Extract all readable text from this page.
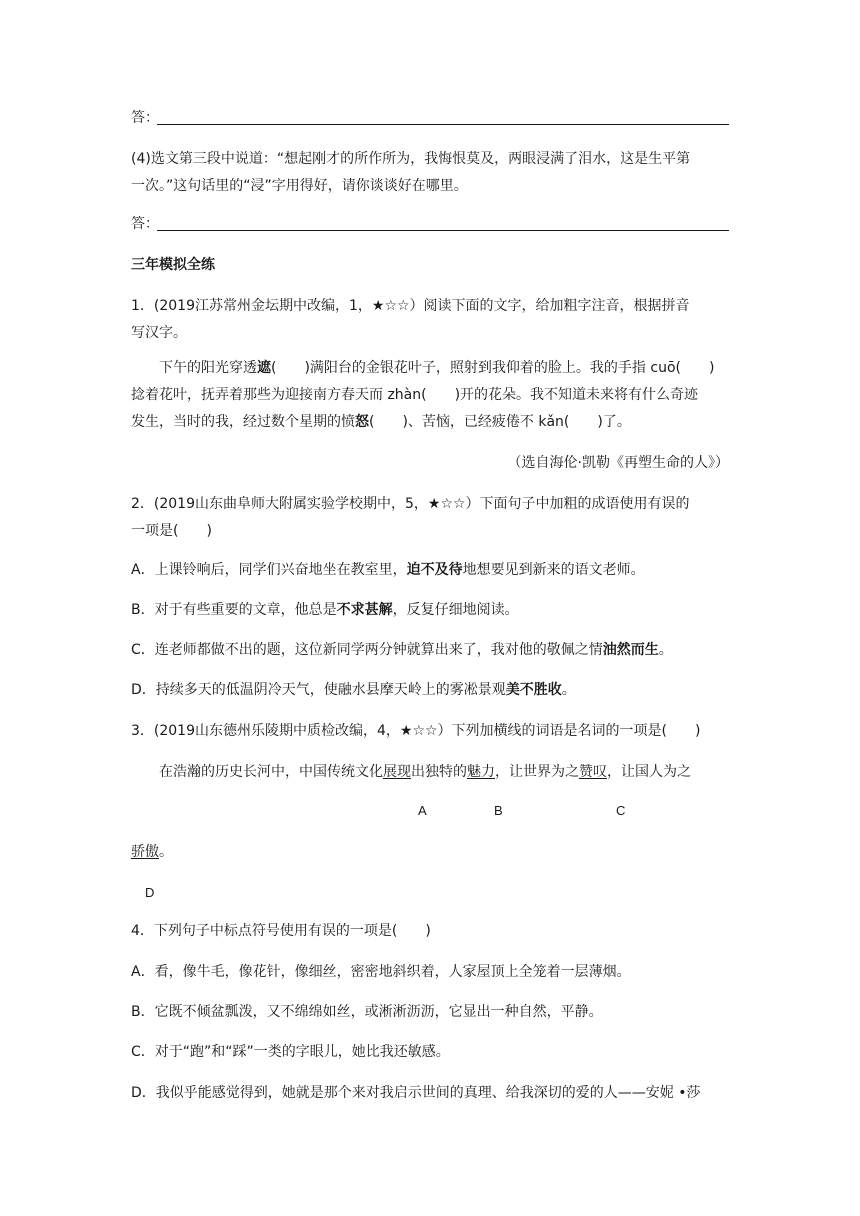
答：
(4)选文第三段中说道：“想起刚才的所作所为，我悔恨莫及，两眼浸满了泪水，这是生平第
一次。”这句话里的“浸”字用得好，请你谈谈好在哪里。
答：
三年模拟全练
1．(2019江苏常州金坛期中改编，1，★☆☆）阅读下面的文字，给加粗字注音，根据拼音
写汉字。
下午的阳光穿透遮(　　)满阳台的金银花叶子，照射到我仰着的脸上。我的手指 cuō(　　)
捻着花叶，抚弄着那些为迎接南方春天而 zhàn(　　)开的花朵。我不知道未来将有什么奇迹
发生，当时的我，经过数个星期的愤怒(　　)、苦恼，已经疲倦不 kǎn(　　)了。
（选自海伦·凯勒《再塑生命的人》）
2．(2019山东曲阜师大附属实验学校期中，5，★☆☆）下面句子中加粗的成语使用有误的
一项是(　　)
A．上课铃响后，同学们兴奋地坐在教室里，迫不及待地想要见到新来的语文老师。
B．对于有些重要的文章，他总是不求甚解，反复仔细地阅读。
C．连老师都做不出的题，这位新同学两分钟就算出来了，我对他的敬佩之情油然而生。
D．持续多天的低温阴冷天气，使融水县摩天岭上的雾凇景观美不胜收。
3．(2019山东德州乐陵期中质检改编，4，★☆☆）下列加横线的词语是名词的一项是(　　)
在浩瀚的历史长河中，中国传统文化展现出独特的魅力，让世界为之赞叹，让国人为之
A	B	C
骄傲。
D
4．下列句子中标点符号使用有误的一项是(　　)
A．看，像牛毛，像花针，像细丝，密密地斜织着，人家屋顶上全笼着一层薄烟。
B．它既不倾盆瓢泼，又不绵绵如丝，或淅淅沥沥，它显出一种自然，平静。
C．对于“跑”和“踩”一类的字眼儿，她比我还敏感。
D．我似乎能感觉得到，她就是那个来对我启示世间的真理、给我深切的爱的人——安妮 •莎
